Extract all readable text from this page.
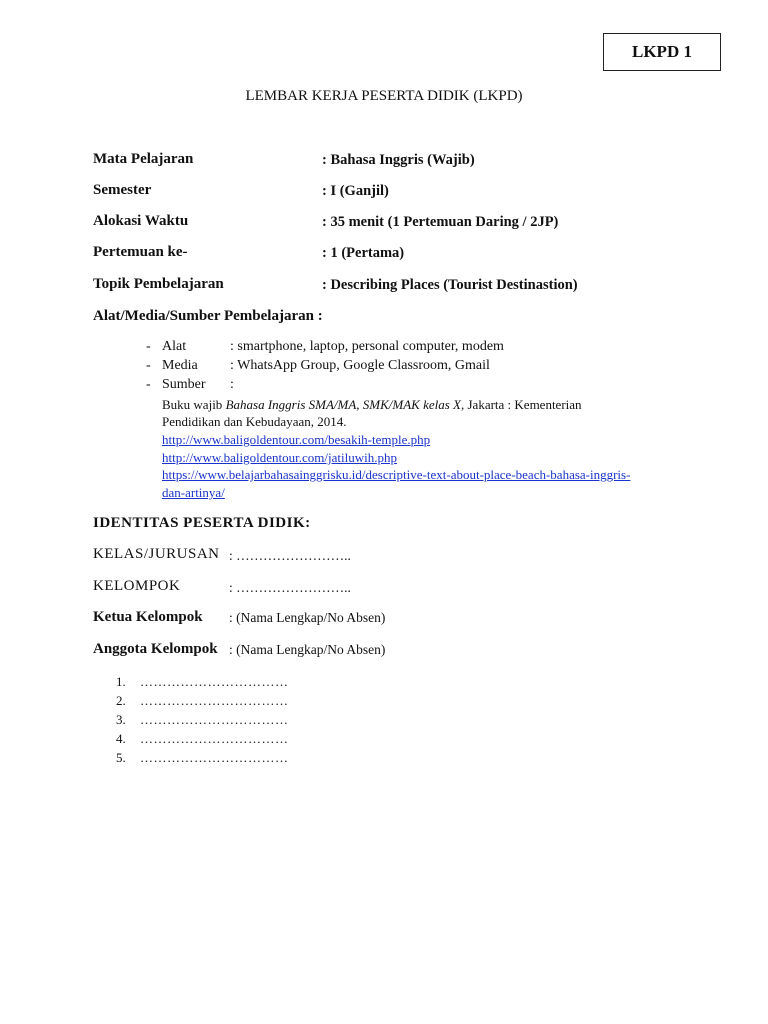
LKPD 1
LEMBAR KERJA PESERTA DIDIK (LKPD)
Mata Pelajaran	: Bahasa Inggris (Wajib)
Semester	: I (Ganjil)
Alokasi Waktu	: 35 menit (1 Pertemuan Daring / 2JP)
Pertemuan ke-	: 1 (Pertama)
Topik Pembelajaran	: Describing Places (Tourist Destinastion)
Alat/Media/Sumber Pembelajaran :
- Alat	: smartphone, laptop, personal computer, modem
- Media : WhatsApp Group, Google Classroom, Gmail
- Sumber :
Buku wajib Bahasa Inggris SMA/MA, SMK/MAK kelas X, Jakarta : Kementerian
Pendidikan dan Kebudayaan, 2014.
http://www.baligoldentour.com/besakih-temple.php
http://www.baligoldentour.com/jatiluwih.php
https://www.belajarbahasainggrisku.id/descriptive-text-about-place-beach-bahasa-inggris-
dan-artinya/
IDENTITAS PESERTA DIDIK:
KELAS/JURUSAN : ……………………..
KELOMPOK	: ……………………..
Ketua Kelompok : (Nama Lengkap/No Absen)
Anggota Kelompok : (Nama Lengkap/No Absen)
1. ……………………………
2. ……………………………
3. ……………………………
4. ……………………………
5. ……………………………
